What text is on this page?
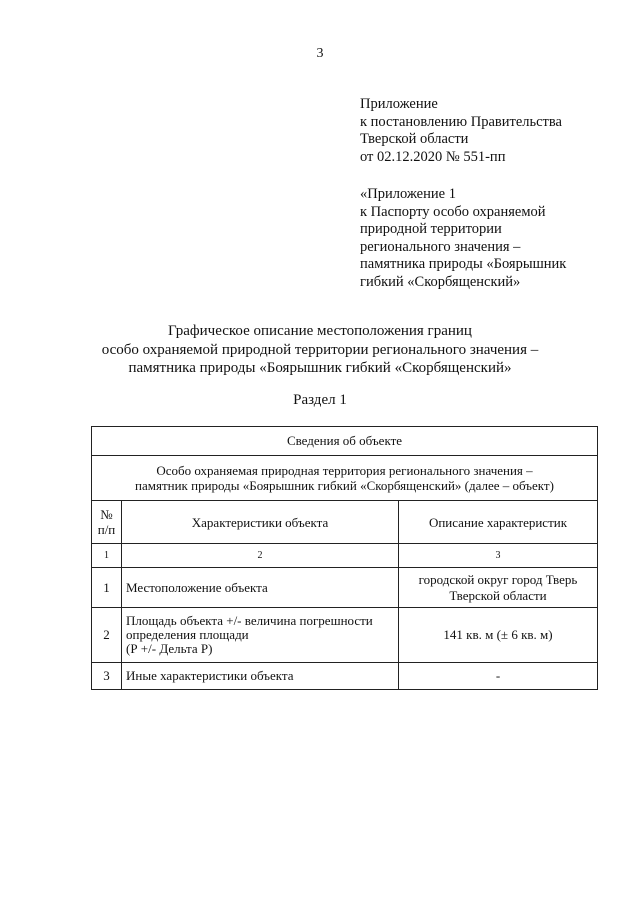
3
Приложение
к постановлению Правительства
Тверской области
от 02.12.2020 № 551-пп
«Приложение 1
к Паспорту особо охраняемой
природной территории
регионального значения –
памятника природы «Боярышник
гибкий «Скорбященский»
Графическое описание местоположения границ
особо охраняемой природной территории регионального значения –
памятника природы «Боярышник гибкий «Скорбященский»
Раздел 1
Сведения об объекте		

Особо охраняемая природная территория регионального значения –
памятник природы «Боярышник гибкий «Скорбященский» (далее – объект)		

№
п/п	Характеристики объекта	Описание характеристик
1	2	3
1	Местоположение объекта	городской округ город Тверь
Тверской области

2	Площадь объекта +/- величина погрешности
определения площади
(Р +/- Дельта Р)	141 кв. м (± 6 кв. м)

3	Иные характеристики объекта	-
